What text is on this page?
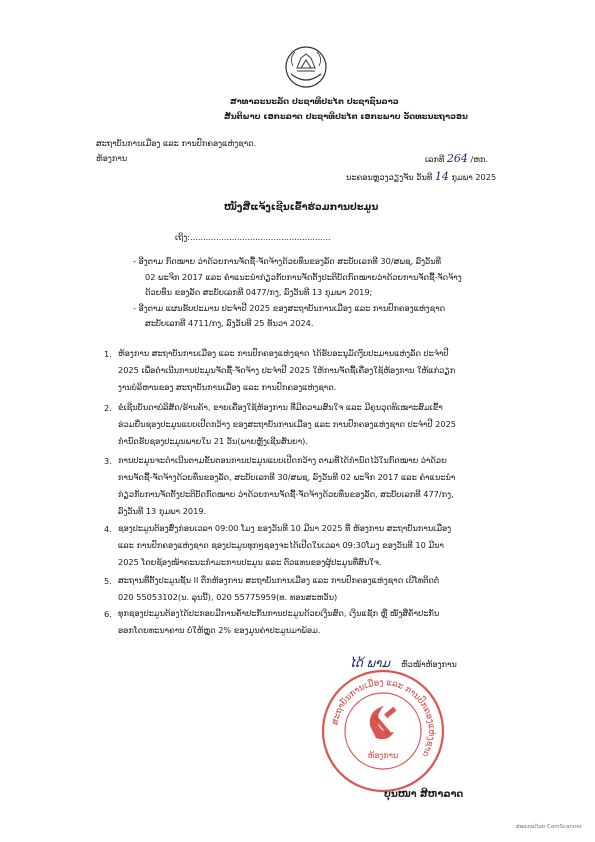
ສາທາລະນະລັດ ປະຊາທິປະໄຕ ປະຊາຊົນລາວ
ສັນຕິພາບ ເອກະລາດ ປະຊາທິປະໄຕ ເອກະພາບ ວັດທະນະຖາວອນ
ສະຖາບັນການເມືອງ ແລະ ການປົກຄອງແຫ່ງຊາດ.
ຫ້ອງການ	ເລກທີ 264 /ຫກ.
ນະຄອນຫຼວງວຽງຈັນ ວັນທີ 14 ກຸມພາ 2025
ໜັງສືແຈ້ງເຊີນເຂົ້າຮ່ວມການປະມູນ
ເຖິງ:......................................................
- ອີງຕາມ ກົດໝາຍ ວ່າດ້ວຍການຈັດຊື້-ຈັດຈ້າງດ້ວຍທຶນຂອງລັດ ສະບັບເລກທີ 30/ສພຊ, ລົງວັນທີ
02 ພະຈິກ 2017 ແລະ ຄຳແນະນຳກ່ຽວກັບການຈັດຕັ້ງປະຕິບັດກົດໝາຍວ່າດ້ວຍການຈັດຊື້-ຈັດຈ້າງ
ດ້ວຍທຶນ ຂອງລັດ ສະບັບເລກທີ 0477/ກງ, ລົງວັນທີ 13 ກຸມພາ 2019;
- ອີງຕາມ ແຜນຮັບປະມານ ປະຈຳປີ 2025 ຂອງສະຖາບັນການເມືອງ ແລະ ການປົກຄອງແຫ່ງຊາດ
ສະບັບເລກທີ 4711/ກງ, ລົງວັນທີ 25 ທັນວາ 2024.
1. ຫ້ອງການ ສະຖາບັນການເມືອງ ແລະ ການປົກຄອງແຫ່ງຊາດ ໄດ້ຮັບອະນຸມັດງົບປະມານແຫ່ງລັດ ປະຈຳປີ
2025 ເພື່ອດຳເນີນການປະມູນຈັດຊື້-ຈັດຈ້າງ ປະຈຳປີ 2025 ໃຫ້ການຈັດຊື້ເຄື່ອງໃຊ້ຫ້ອງການ ໃຫ້ແກ່ວຽກ
ງານບໍລິຫານຂອງ ສະຖາບັນການເມືອງ ແລະ ການປົກຄອງແຫ່ງຊາດ.
2. ຂໍເຊີນບັນດາບໍລິສັດ/ຮ້ານຄ້າ, ຂາຍເຄື່ອງໃຊ້ຫ້ອງການ ທີ່ມີຄວາມສົນໃຈ ແລະ ມີຄຸນວຸດທິເໝາະສົມເຂົ້າ
ຮ່ວມຍື່ນຊອງປະມູນແບບເປີດກວ້າງ ຂອງສະຖາບັນການເມືອງ ແລະ ການປົກຄອງແຫ່ງຊາດ ປະຈຳປີ 2025
ກຳນົດຮັບຊອງປະມູນພາຍໃນ 21 ວັນ(ພາຍຫຼັງເຊີນສັນຍາ).
3. ການປະມູນຈະດຳເນີນຕາມຂັ້ນຕອນການປະມູນແບບເປີດກວ້າງ ຕາມທີ່ໄດ້ກຳນົດໄວ້ໃນກົດໝາຍ ວ່າດ້ວຍ
ການຈັດຊື້-ຈັດຈ້າງດ້ວຍທຶນຂອງລັດ, ສະບັບເລກທີ 30/ສພຊ, ລົງວັນທີ 02 ພະຈິກ 2017 ແລະ ຄຳແນະນຳ
ກ່ຽວກັບການຈັດຕັ້ງປະຕິບັດກົດໝາຍ ວ່າດ້ວຍການຈັດຊື້-ຈັດຈ້າງດ້ວຍທຶນຂອງລັດ, ສະບັບເລກທີ 477/ກງ,
ລົງວັນທີ 13 ກຸມພາ 2019.
4. ຊອງປະມູນຕ້ອງສົ່ງກ່ອນເວລາ 09:00 ໂມງ ຂອງວັນທີ 10 ມີນາ 2025 ທີ່ ຫ້ອງການ ສະຖາບັນການເມືອງ
ແລະ ການປົກຄອງແຫ່ງຊາດ ຊອງປະມູນທຸກໆຊອງຈະໄດ້ເປີດໃນເວລາ 09:30ໂມງ ຂອງວັນທີ 10 ມີນາ
2025 ໂດຍຊ້ອງໜ້າຄະນະກຳມະການປະມູນ ແລະ ຕົວແທນຂອງຜູ້ປະມູນທີ່ສົນໃຈ.
5. ສະຖານທີ່ຕັ້ງປະມູນຊັ້ນ II ຕຶກຫ້ອງການ ສະຖາບັນການເມືອງ ແລະ ການປົກຄອງແຫ່ງຊາດ ເບີໂທຕິດຕໍ່
020 55053102(ນ. ລຸນນີ້), 020 55775959(ທ. ທອນສະຫວັນ)
6. ທຸກຊອງປະມູນຕ້ອງໄດ້ປະກອບມີການຄ້ຳປະກັນການປະມູນດ້ວຍເງິນສົດ, ເງິນແຊັກ ຫຼື ໜັງສືຄ້ຳປະກັນ
ອອກໂດຍທະນາຄານ ບໍ່ໃຫ້ຫຼຸດ 2% ຂອງມູນຄ່າປະມູນມາພ້ອມ.
ໄດ້ ພາມ ຫົວໜ້າຫ້ອງການ
ສະຖາບັນການເມືອງ ແລະ ການປົກຄອງແຫ່ງຊາດ
ຫ້ອງການ
ບຸນໜາ ສີຫາລາດ
ສະແກນດ້ວຍ CamScanner
